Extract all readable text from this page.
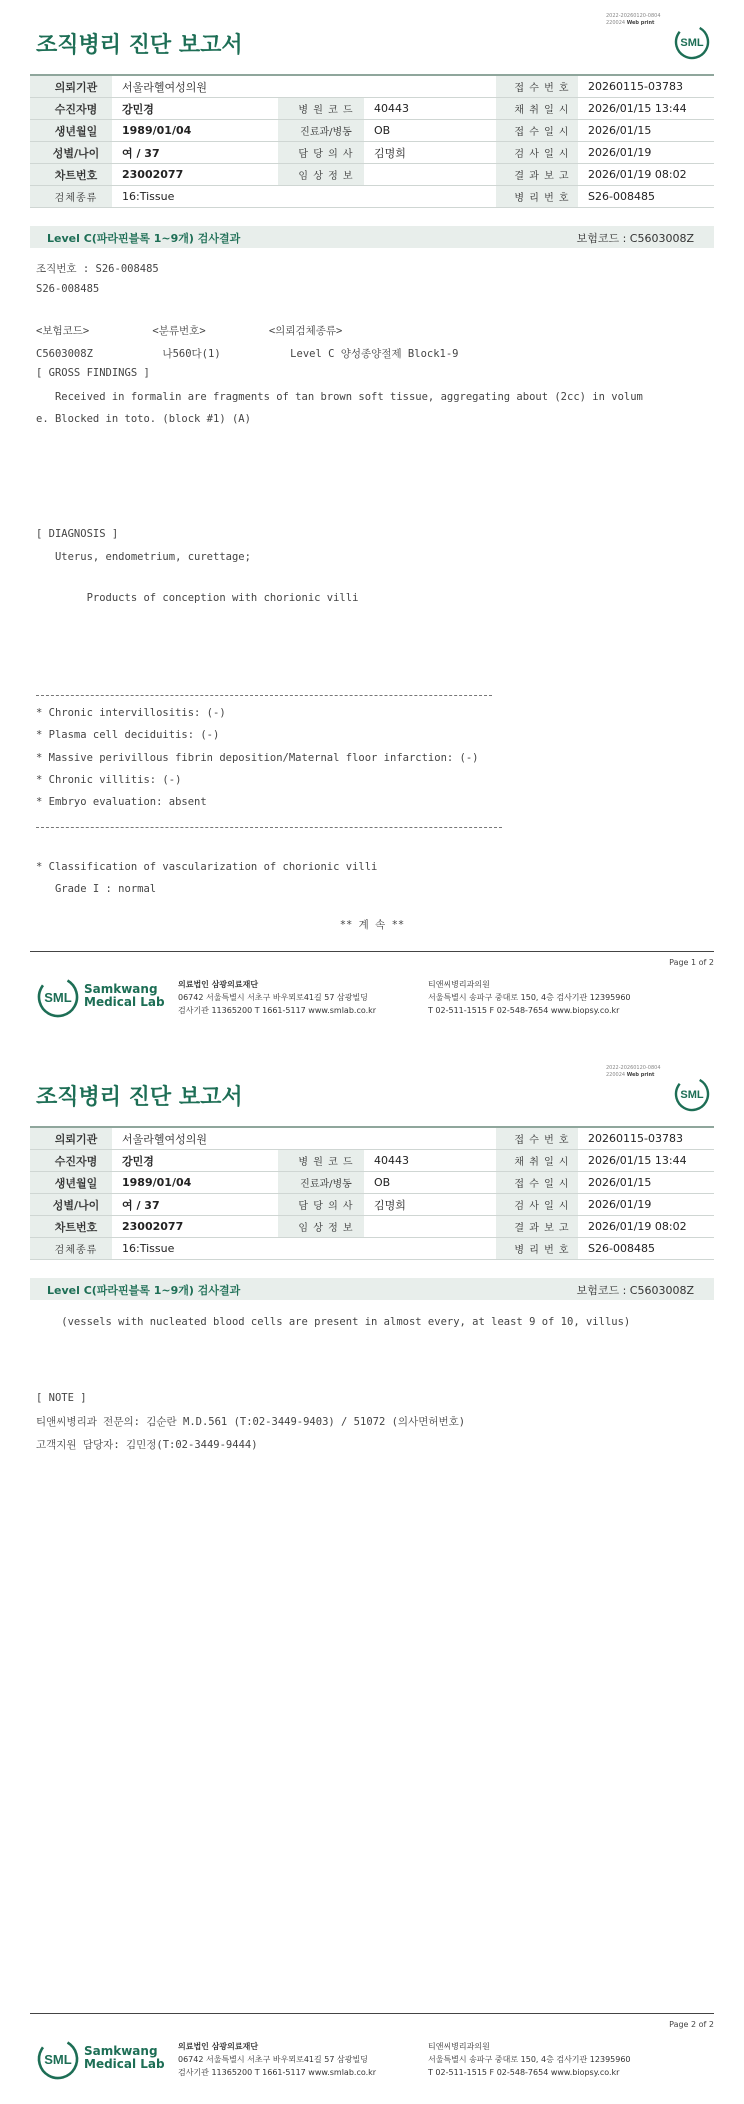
2022-20260120-0804
220024 Web print
조직병리 진단 보고서	SML
의뢰기관	서울라헬여성의원			접 수 번 호	20260115-03783
수진자명	강민경	병 원 코 드	40443	채 취 일 시	2026/01/15 13:44
생년월일	1989/01/04	진료과/병동	OB	접 수 일 시	2026/01/15
성별/나이	여 / 37	담 당 의 사	김명희	검 사 일 시	2026/01/19
차트번호	23002077	임 상 정 보		결 과 보 고	2026/01/19 08:02
검체종류	16:Tissue			병 리 번 호	S26-008485
Level C(파라핀블록 1~9개) 검사결과	보험코드 : C5603008Z

조직번호 : S26-008485

S26-008485

<보험코드>          <분류번호>          <의뢰검체종류>

C5603008Z           나560다(1)           Level C 양성종양절제 Block1-9

[ GROSS FINDINGS ]

Received in formalin are fragments of tan brown soft tissue, aggregating about (2cc) in volum

e. Blocked in toto. (block #1) (A)

[ DIAGNOSIS ]

Uterus, endometrium, curettage;

Products of conception with chorionic villi

* Chronic intervillositis: (-)

* Plasma cell deciduitis: (-)

* Massive perivillous fibrin deposition/Maternal floor infarction: (-)

* Chronic villitis: (-)

* Embryo evaluation: absent

* Classification of vascularization of chorionic villi

Grade I : normal

** 계 속 **
Page 1 of 2
SML
Samkwang
Medical Lab
의료법인 삼광의료재단
06742 서울특별시 서초구 바우뫼로41길 57 삼광빌딩
검사기관 11365200 T 1661-5117 www.smlab.co.kr
티앤씨병리과의원
서울특별시 송파구 중대로 150, 4층 검사기관 12395960
T 02-511-1515 F 02-548-7654 www.biopsy.co.kr
2022-20260120-0804
220024 Web print
조직병리 진단 보고서	SML
의뢰기관	서울라헬여성의원			접 수 번 호	20260115-03783
수진자명	강민경	병 원 코 드	40443	채 취 일 시	2026/01/15 13:44
생년월일	1989/01/04	진료과/병동	OB	접 수 일 시	2026/01/15
성별/나이	여 / 37	담 당 의 사	김명희	검 사 일 시	2026/01/19
차트번호	23002077	임 상 정 보		결 과 보 고	2026/01/19 08:02
검체종류	16:Tissue			병 리 번 호	S26-008485
Level C(파라핀블록 1~9개) 검사결과	보험코드 : C5603008Z

(vessels with nucleated blood cells are present in almost every, at least 9 of 10, villus)

[ NOTE ]

티앤씨병리과 전문의: 김순란 M.D.561 (T:02-3449-9403) / 51072 (의사면허번호)

고객지원 담당자: 김민정(T:02-3449-9444)

Page 2 of 2
SML
Samkwang
Medical Lab
의료법인 삼광의료재단
06742 서울특별시 서초구 바우뫼로41길 57 삼광빌딩
검사기관 11365200 T 1661-5117 www.smlab.co.kr
티앤씨병리과의원
서울특별시 송파구 중대로 150, 4층 검사기관 12395960
T 02-511-1515 F 02-548-7654 www.biopsy.co.kr
